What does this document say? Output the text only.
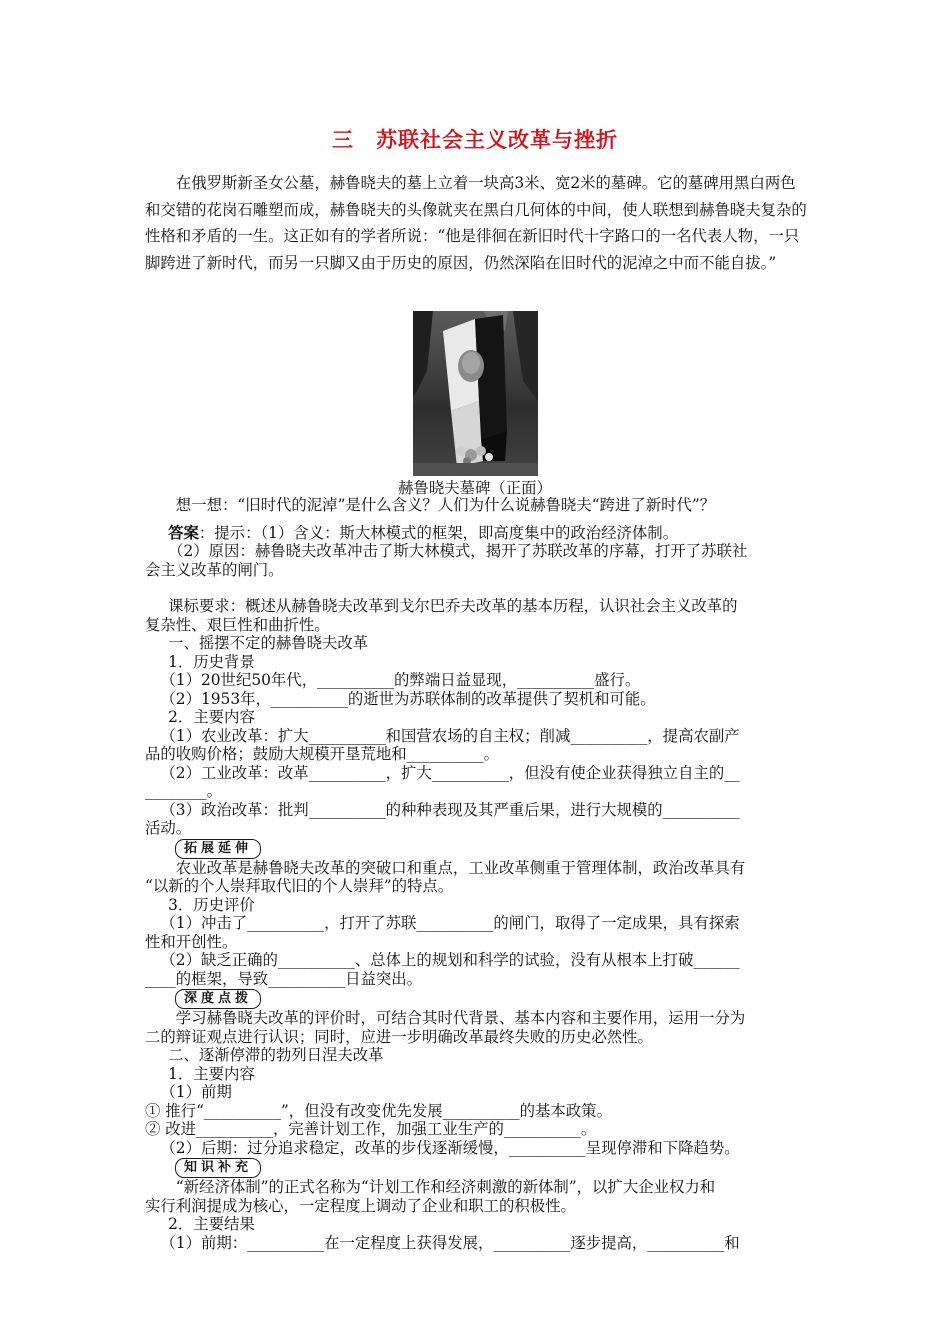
三　苏联社会主义改革与挫折

在俄罗斯新圣女公墓，赫鲁晓夫的墓上立着一块高3米、宽2米的墓碑。它的墓碑用黑白两色和交错的花岗石雕塑而成，赫鲁晓夫的头像就夹在黑白几何体的中间，使人联想到赫鲁晓夫复杂的性格和矛盾的一生。这正如有的学者所说：“他是徘徊在新旧时代十字路口的一名代表人物，一只脚跨进了新时代，而另一只脚又由于历史的原因，仍然深陷在旧时代的泥淖之中而不能自拔。”

赫鲁晓夫墓碑（正面）
想一想：“旧时代的泥淖”是什么含义？人们为什么说赫鲁晓夫“跨进了新时代”？
答案：提示：（1）含义：斯大林模式的框架，即高度集中的政治经济体制。
（2）原因：赫鲁晓夫改革冲击了斯大林模式，揭开了苏联改革的序幕，打开了苏联社
会主义改革的闸门。
课标要求：概述从赫鲁晓夫改革到戈尔巴乔夫改革的基本历程，认识社会主义改革的
复杂性、艰巨性和曲折性。
一、摇摆不定的赫鲁晓夫改革
1．历史背景
（1）20世纪50年代，__________的弊端日益显现，__________盛行。
（2）1953年，__________的逝世为苏联体制的改革提供了契机和可能。
2．主要内容
（1）农业改革：扩大__________和国营农场的自主权；削减__________，提高农副产
品的收购价格；鼓励大规模开垦荒地和__________。
（2）工业改革：改革__________，扩大__________，但没有使企业获得独立自主的__
________。
（3）政治改革：批判__________的种种表现及其严重后果，进行大规模的__________
活动。
拓展延伸
农业改革是赫鲁晓夫改革的突破口和重点，工业改革侧重于管理体制，政治改革具有
“以新的个人崇拜取代旧的个人崇拜”的特点。
3．历史评价
（1）冲击了__________，打开了苏联__________的闸门，取得了一定成果，具有探索
性和开创性。
（2）缺乏正确的__________、总体上的规划和科学的试验，没有从根本上打破______
____的框架，导致__________日益突出。
深度点拨
学习赫鲁晓夫改革的评价时，可结合其时代背景、基本内容和主要作用，运用一分为
二的辩证观点进行认识；同时，应进一步明确改革最终失败的历史必然性。
二、逐渐停滞的勃列日涅夫改革
1．主要内容
（1）前期
① 推行“__________”，但没有改变优先发展__________的基本政策。
② 改进__________，完善计划工作，加强工业生产的__________。
（2）后期：过分追求稳定，改革的步伐逐渐缓慢，__________呈现停滞和下降趋势。
知识补充
“新经济体制”的正式名称为“计划工作和经济刺激的新体制”，以扩大企业权力和
实行利润提成为核心，一定程度上调动了企业和职工的积极性。
2．主要结果
（1）前期：__________在一定程度上获得发展，__________逐步提高，__________和
